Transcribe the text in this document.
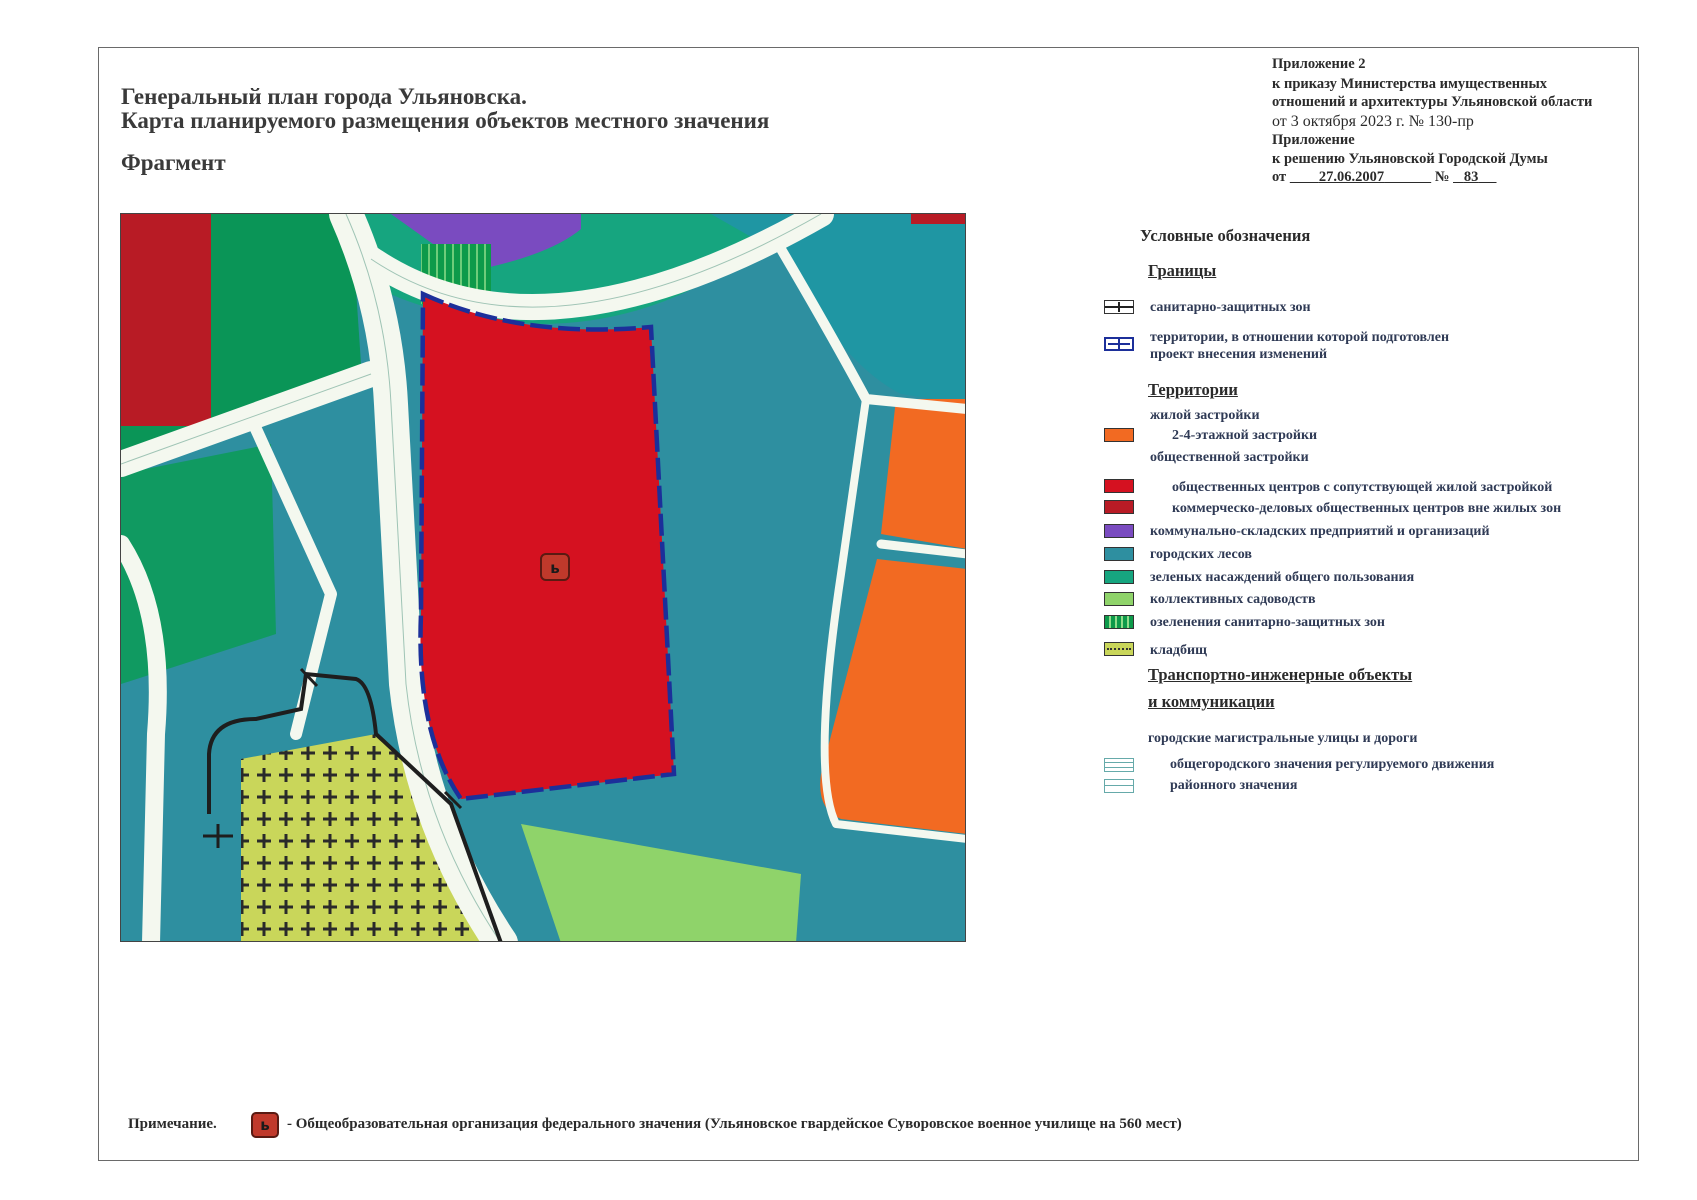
Генеральный план города Ульяновска.
Карта планируемого размещения объектов местного значения
Фрагмент
Приложение 2
к приказу Министерства имущественных
отношений и архитектуры Ульяновской области
от 3 октября 2023 г. № 130-пр
Приложение
к решению Ульяновской Городской Думы
от 27.06.2007	№ 83
ь
Условные обозначения
Границы
санитарно-защитных зон
территории, в отношении которой подготовлен
проект внесения изменений
Территории
жилой застройки
2-4-этажной застройки
общественной застройки
общественных центров с сопутствующей жилой застройкой
коммерческо-деловых общественных центров вне жилых зон
коммунально-складских предприятий и организаций
городских лесов
зеленых насаждений общего пользования
коллективных садоводств
озеленения санитарно-защитных зон
кладбищ
Транспортно-инженерные объекты
и коммуникации
городские магистральные улицы и дороги
общегородского значения регулируемого движения
районного значения
Примечание.	ь	- Общеобразовательная организация федерального значения (Ульяновское гвардейское Суворовское военное училище на 560 мест)
